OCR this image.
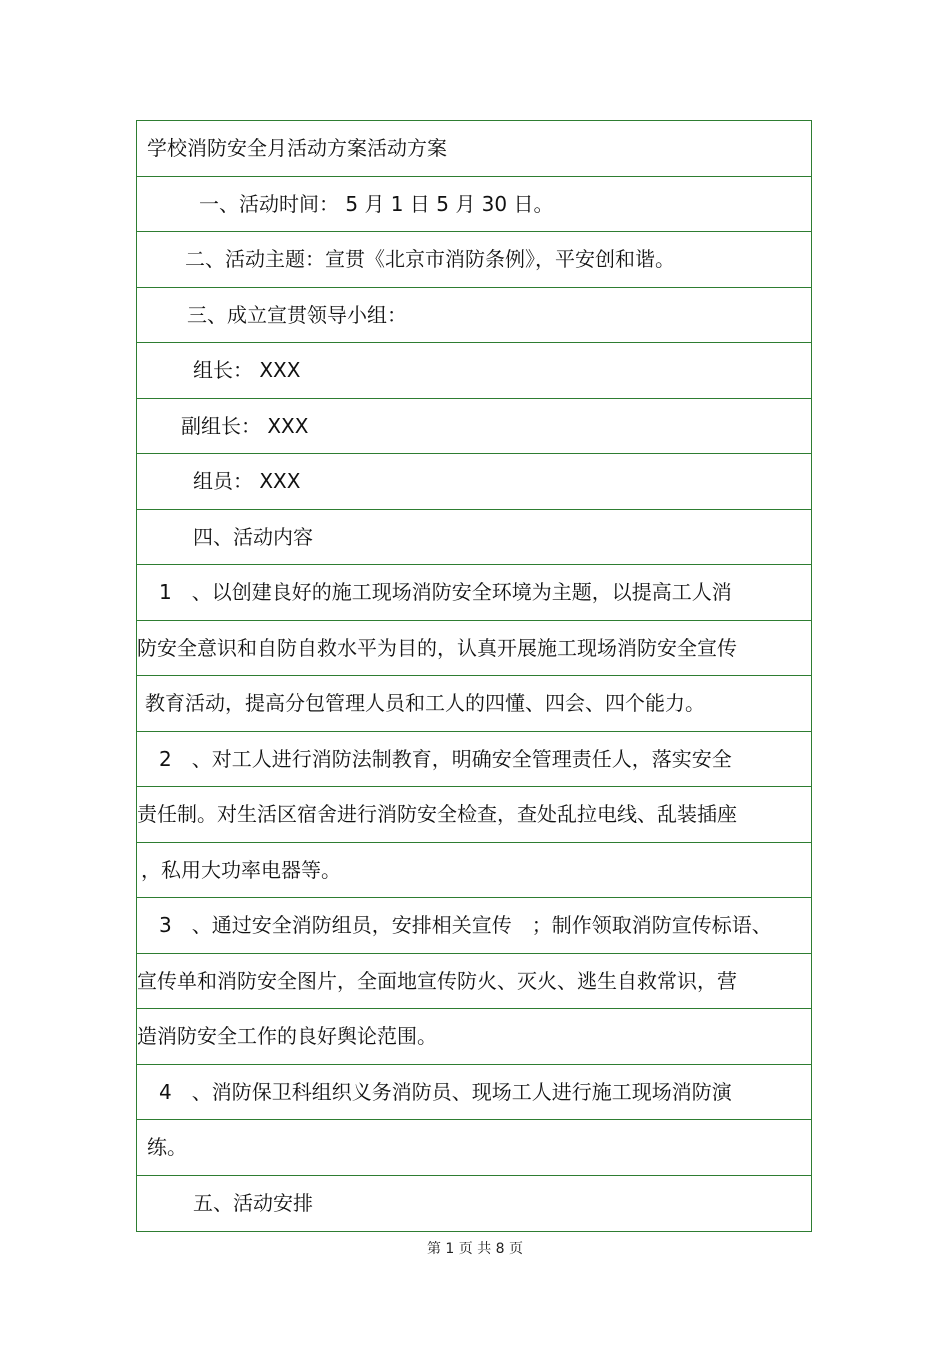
学校消防安全月活动方案活动方案
一、活动时间： 5 月 1 日 5 月 30 日。
二、活动主题：宣贯《北京市消防条例》，平安创和谐。
三、成立宣贯领导小组：
组长： XXX
副组长： XXX
组员： XXX
四、活动内容
1　、以创建良好的施工现场消防安全环境为主题，以提高工人消
防安全意识和自防自救水平为目的，认真开展施工现场消防安全宣传
教育活动，提高分包管理人员和工人的四懂、四会、四个能力。
2　、对工人进行消防法制教育，明确安全管理责任人，落实安全
责任制。对生活区宿舍进行消防安全检查，查处乱拉电线、乱装插座
，私用大功率电器等。
3　、通过安全消防组员，安排相关宣传　；制作领取消防宣传标语、
宣传单和消防安全图片，全面地宣传防火、灭火、逃生自救常识，营
造消防安全工作的良好舆论范围。
4　、消防保卫科组织义务消防员、现场工人进行施工现场消防演
练。
五、活动安排
第 1 页 共 8 页
